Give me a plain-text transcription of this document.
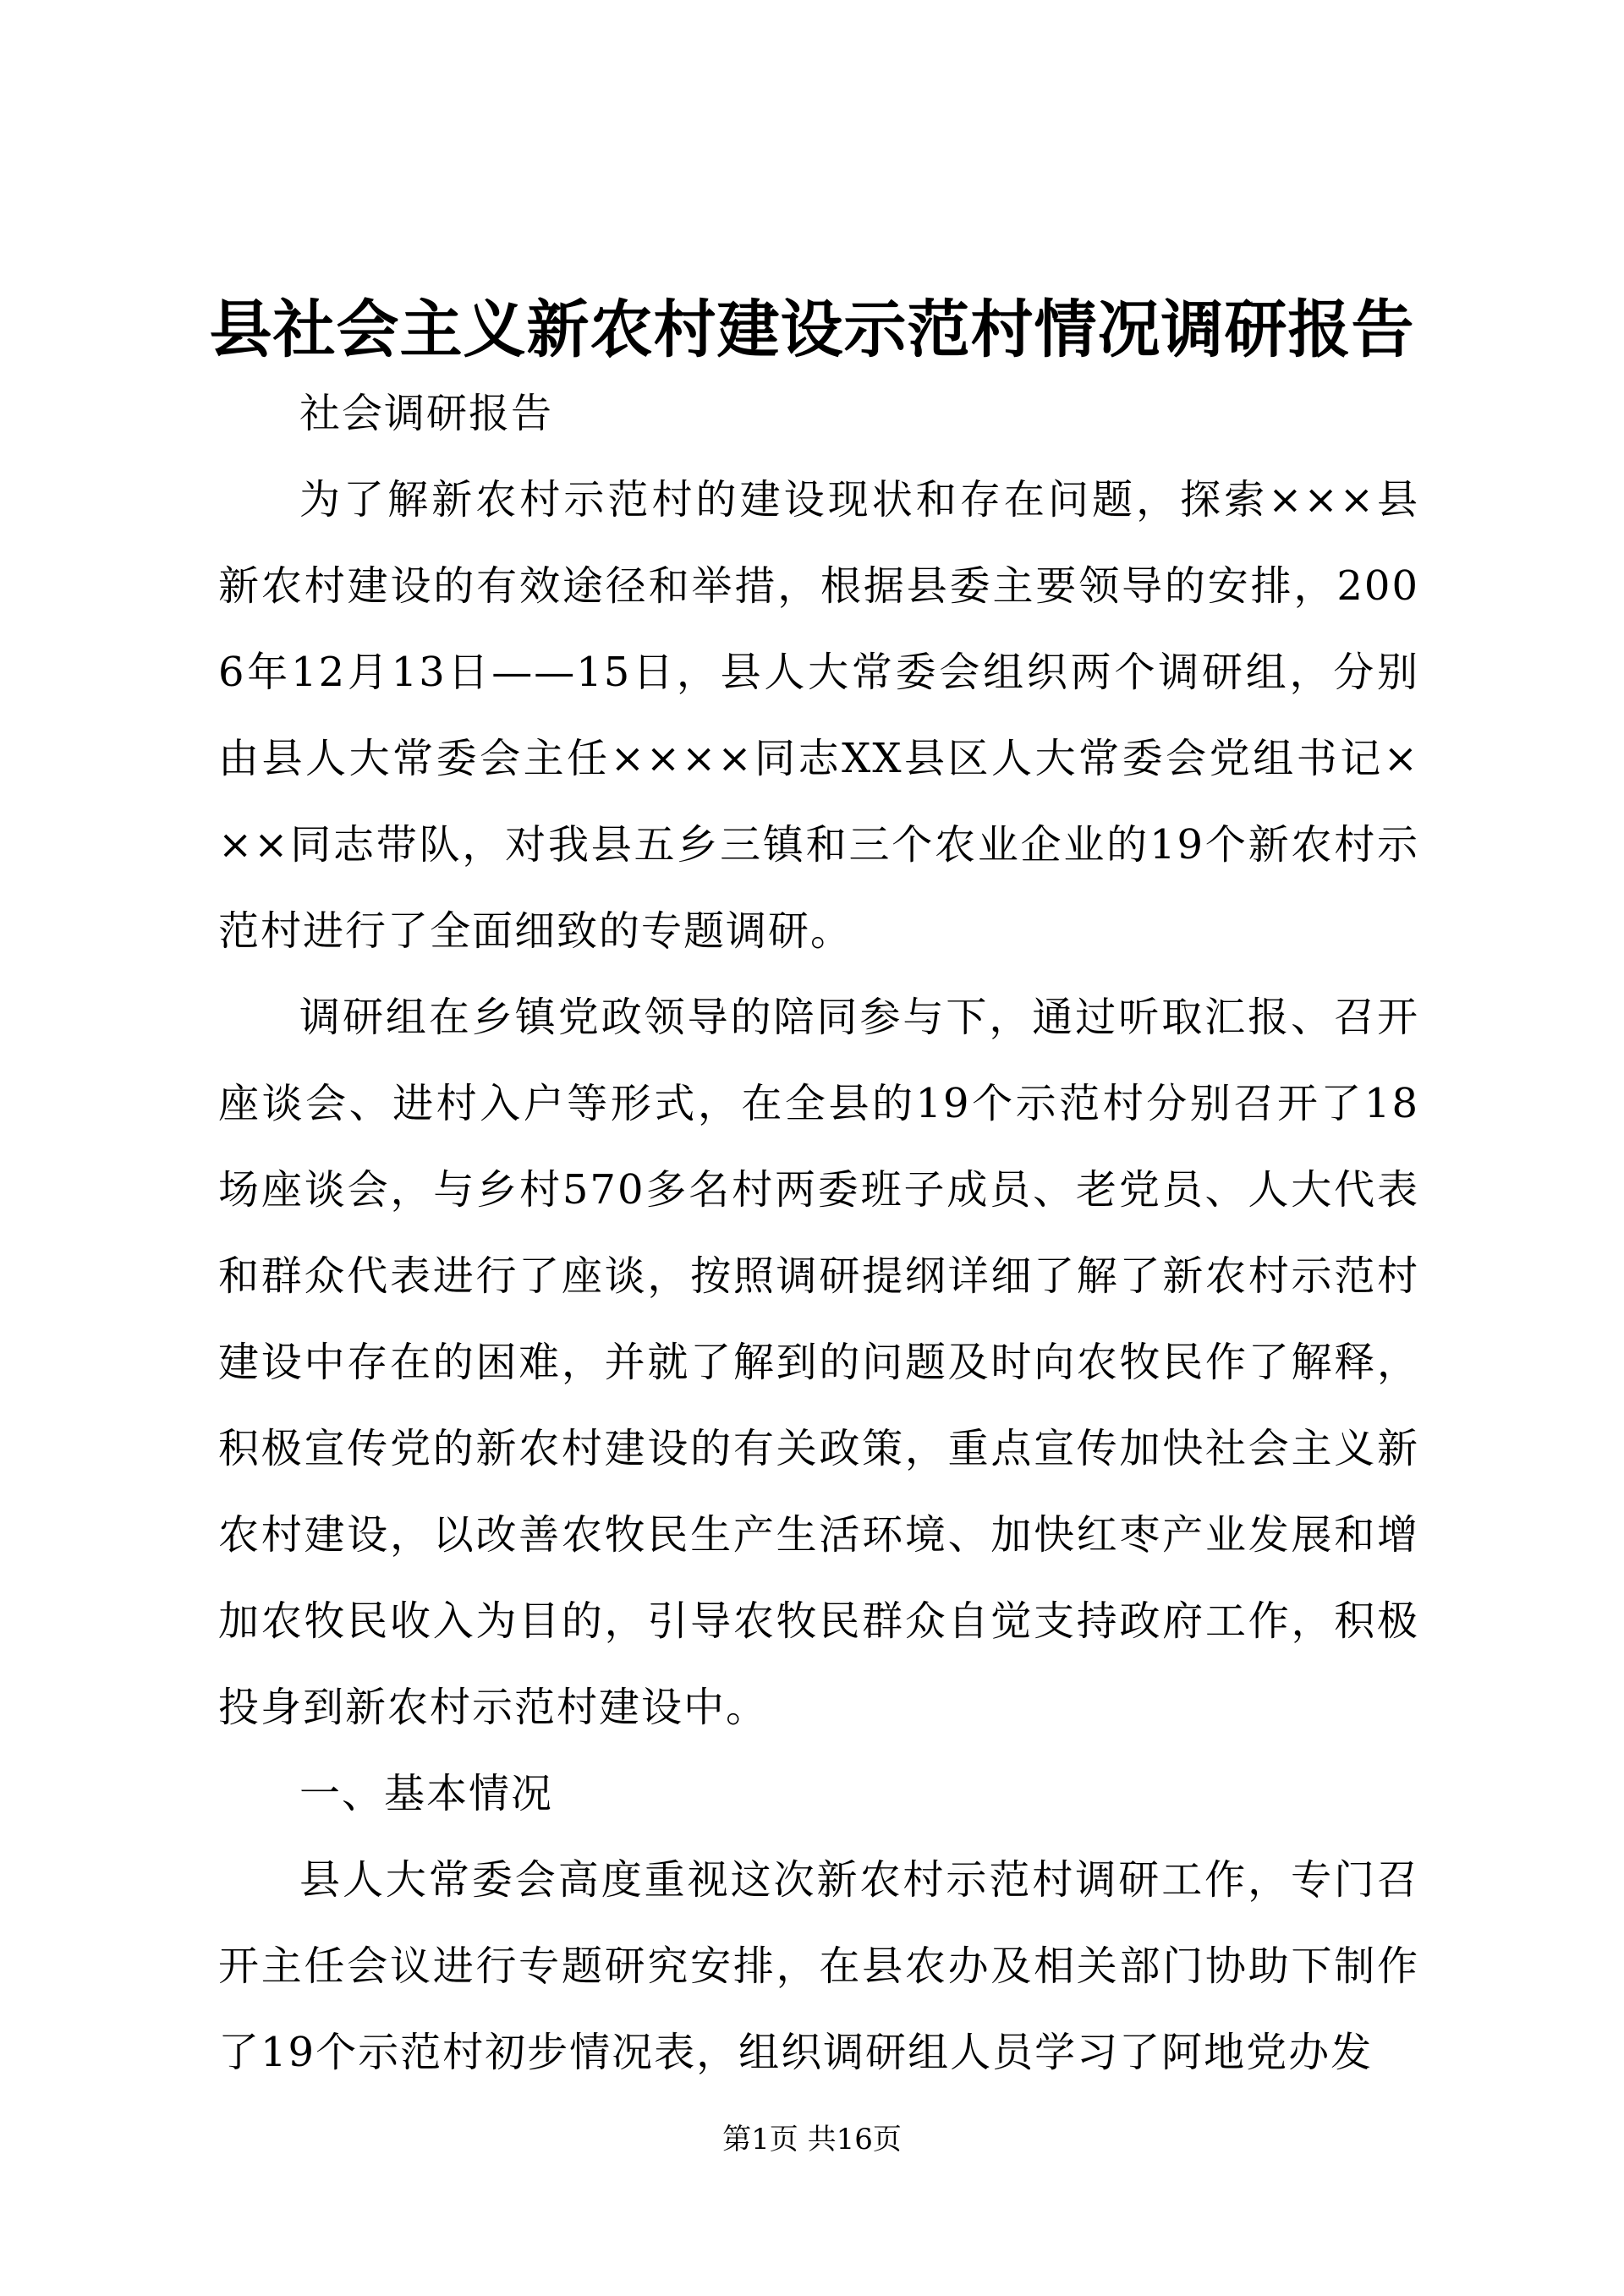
县社会主义新农村建设示范村情况调研报告

社会调研报告

为了解新农村示范村的建设现状和存在问题，探索×××县新农村建设的有效途径和举措，根据县委主要领导的安排，2006年12月13日——15日，县人大常委会组织两个调研组，分别由县人大常委会主任××××同志XX县区人大常委会党组书记×××同志带队，对我县五乡三镇和三个农业企业的19个新农村示范村进行了全面细致的专题调研。

调研组在乡镇党政领导的陪同参与下，通过听取汇报、召开座谈会、进村入户等形式，在全县的19个示范村分别召开了18场座谈会，与乡村570多名村两委班子成员、老党员、人大代表和群众代表进行了座谈，按照调研提纲详细了解了新农村示范村建设中存在的困难，并就了解到的问题及时向农牧民作了解释，积极宣传党的新农村建设的有关政策，重点宣传加快社会主义新农村建设，以改善农牧民生产生活环境、加快红枣产业发展和增加农牧民收入为目的，引导农牧民群众自觉支持政府工作，积极投身到新农村示范村建设中。

一、基本情况

县人大常委会高度重视这次新农村示范村调研工作，专门召开主任会议进行专题研究安排，在县农办及相关部门协助下制作了19个示范村初步情况表，组织调研组人员学习了阿地党办发

第1页 共16页
